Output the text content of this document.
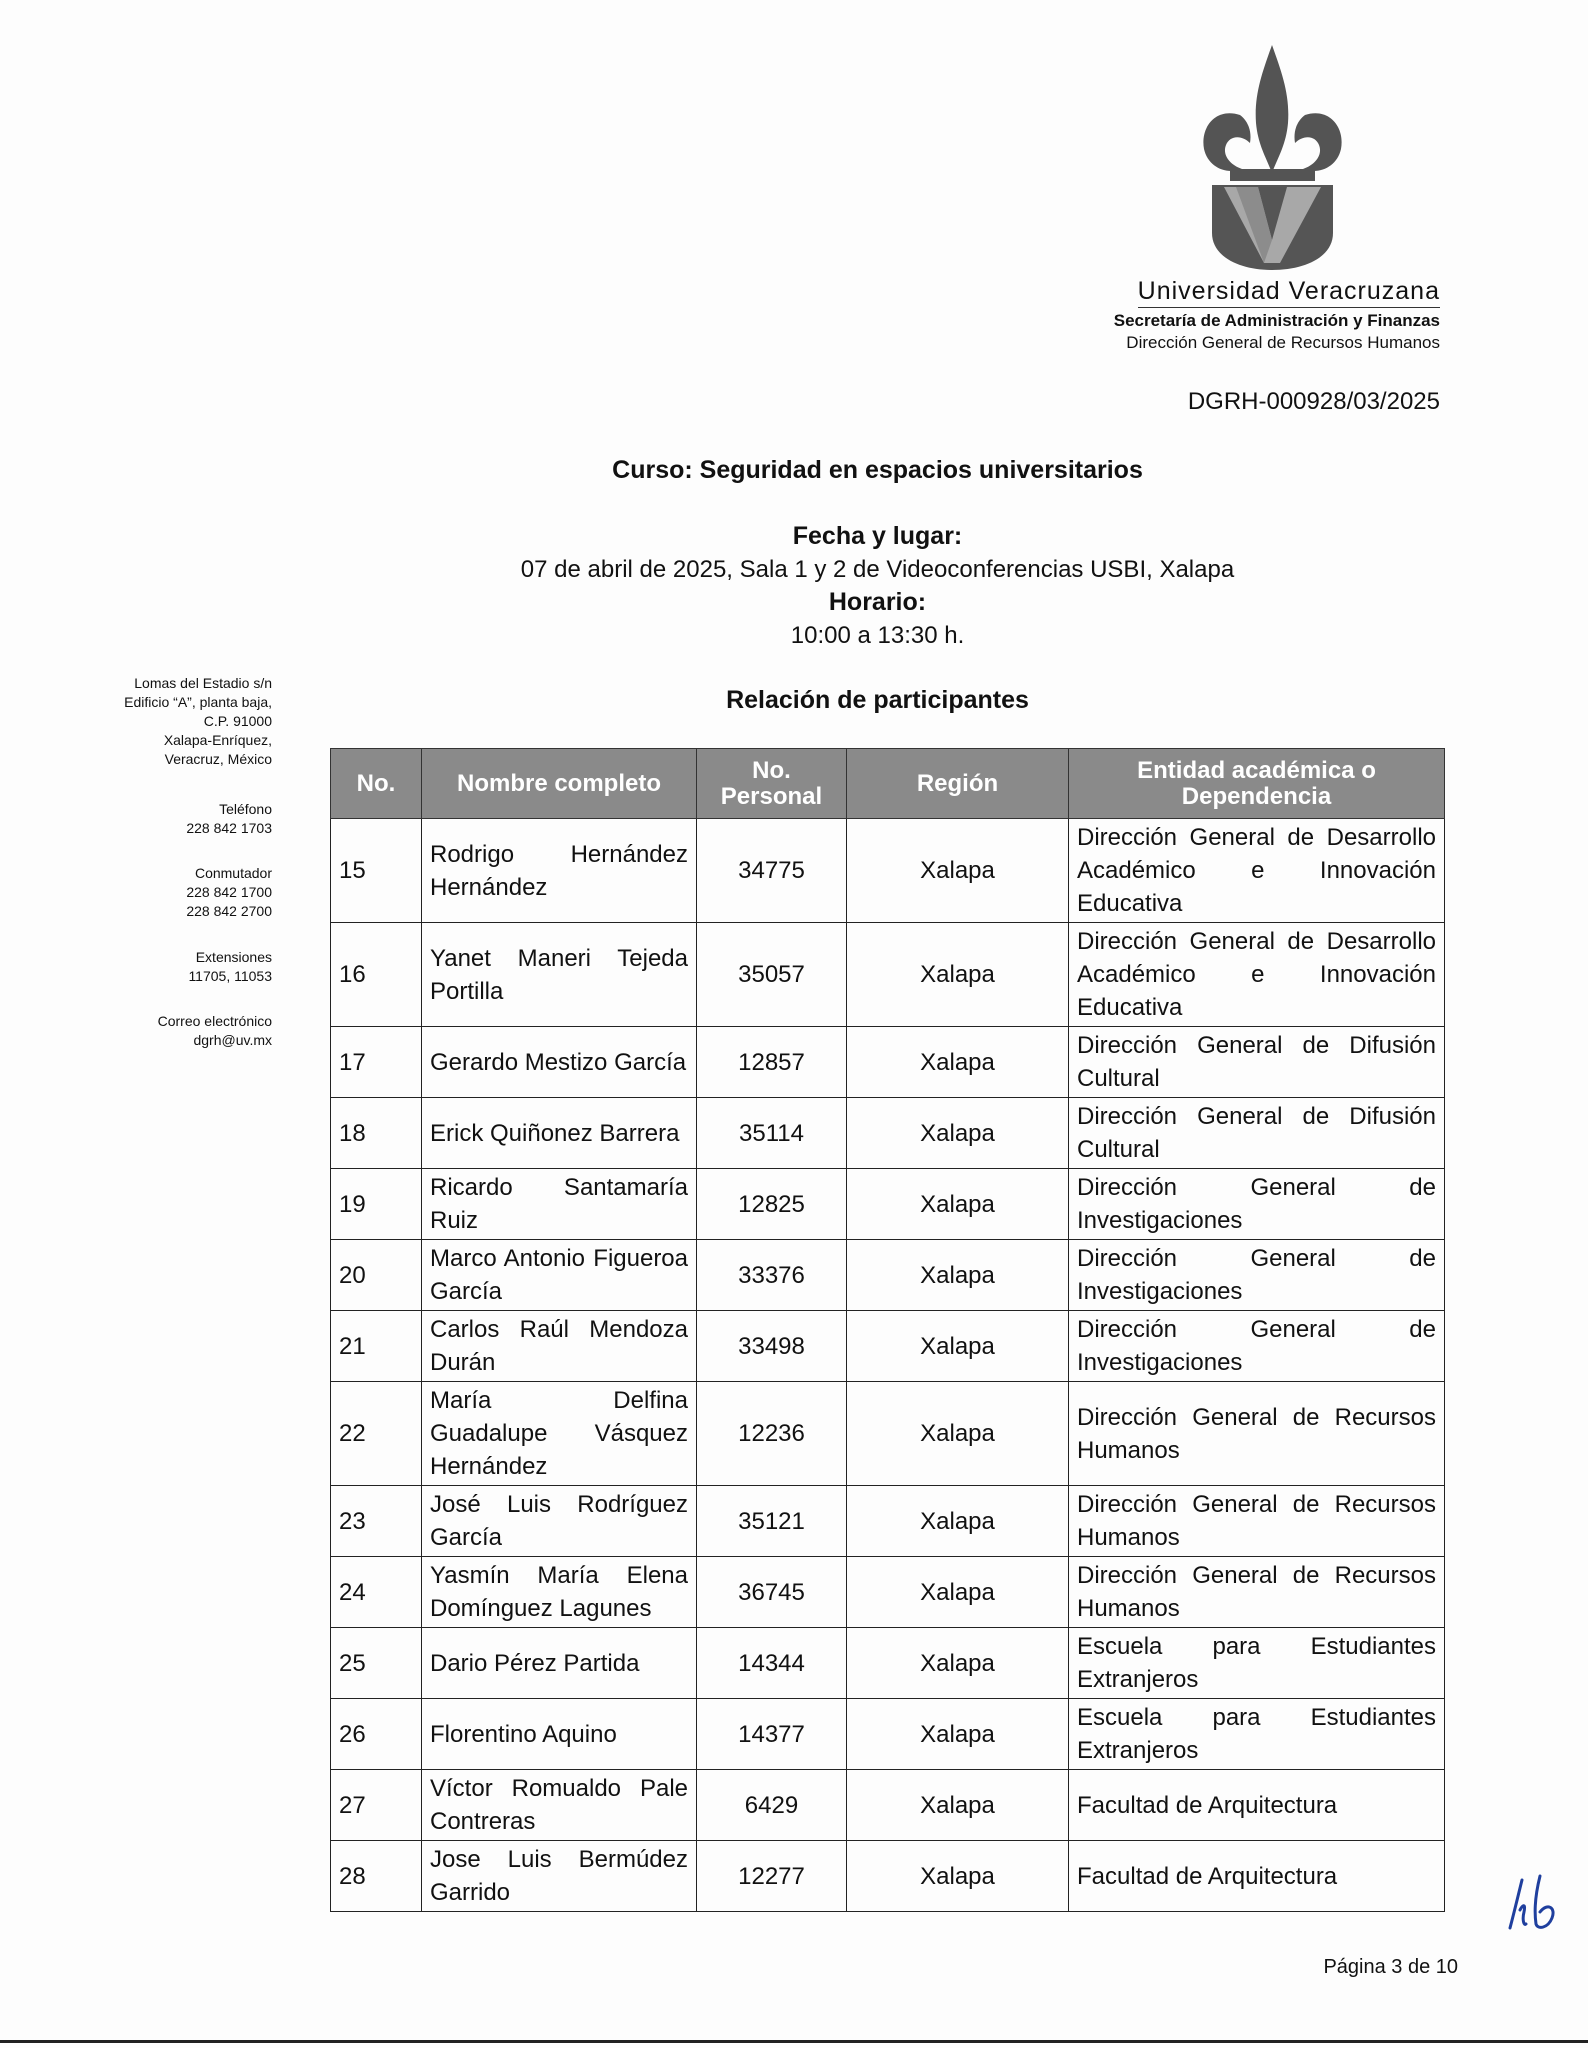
Universidad Veracruzana
Secretaría de Administración y Finanzas
Dirección General de Recursos Humanos
DGRH-000928/03/2025
Curso: Seguridad en espacios universitarios
Fecha y lugar:
07 de abril de 2025, Sala 1 y 2 de Videoconferencias USBI, Xalapa
Horario:
10:00 a 13:30 h.
Relación de participantes

Lomas del Estadio s/n

Edificio “A”, planta baja,

C.P. 91000

Xalapa-Enríquez,

Veracruz, México

Teléfono

228 842 1703

Conmutador

228 842 1700

228 842 2700

Extensiones

11705, 11053

Correo electrónico

dgrh@uv.mx

No.	Nombre completo	No. Personal	Región	Entidad académica o Dependencia
15	Rodrigo Hernández Hernández	34775	Xalapa	Dirección General de Desarrollo Académico e Innovación Educativa
16	Yanet Maneri Tejeda Portilla	35057	Xalapa	Dirección General de Desarrollo Académico e Innovación Educativa
17	Gerardo Mestizo García	12857	Xalapa	Dirección General de Difusión Cultural
18	Erick Quiñonez Barrera	35114	Xalapa	Dirección General de Difusión Cultural
19	Ricardo Santamaría Ruiz	12825	Xalapa	Dirección General de Investigaciones
20	Marco Antonio Figueroa García	33376	Xalapa	Dirección General de Investigaciones
21	Carlos Raúl Mendoza Durán	33498	Xalapa	Dirección General de Investigaciones
22	María Delfina Guadalupe Vásquez Hernández	12236	Xalapa	Dirección General de Recursos Humanos
23	José Luis Rodríguez García	35121	Xalapa	Dirección General de Recursos Humanos
24	Yasmín María Elena Domínguez Lagunes	36745	Xalapa	Dirección General de Recursos Humanos
25	Dario Pérez Partida	14344	Xalapa	Escuela para Estudiantes Extranjeros
26	Florentino Aquino	14377	Xalapa	Escuela para Estudiantes Extranjeros
27	Víctor Romualdo Pale Contreras	6429	Xalapa	Facultad de Arquitectura
28	Jose Luis Bermúdez Garrido	12277	Xalapa	Facultad de Arquitectura
Página 3 de 10
